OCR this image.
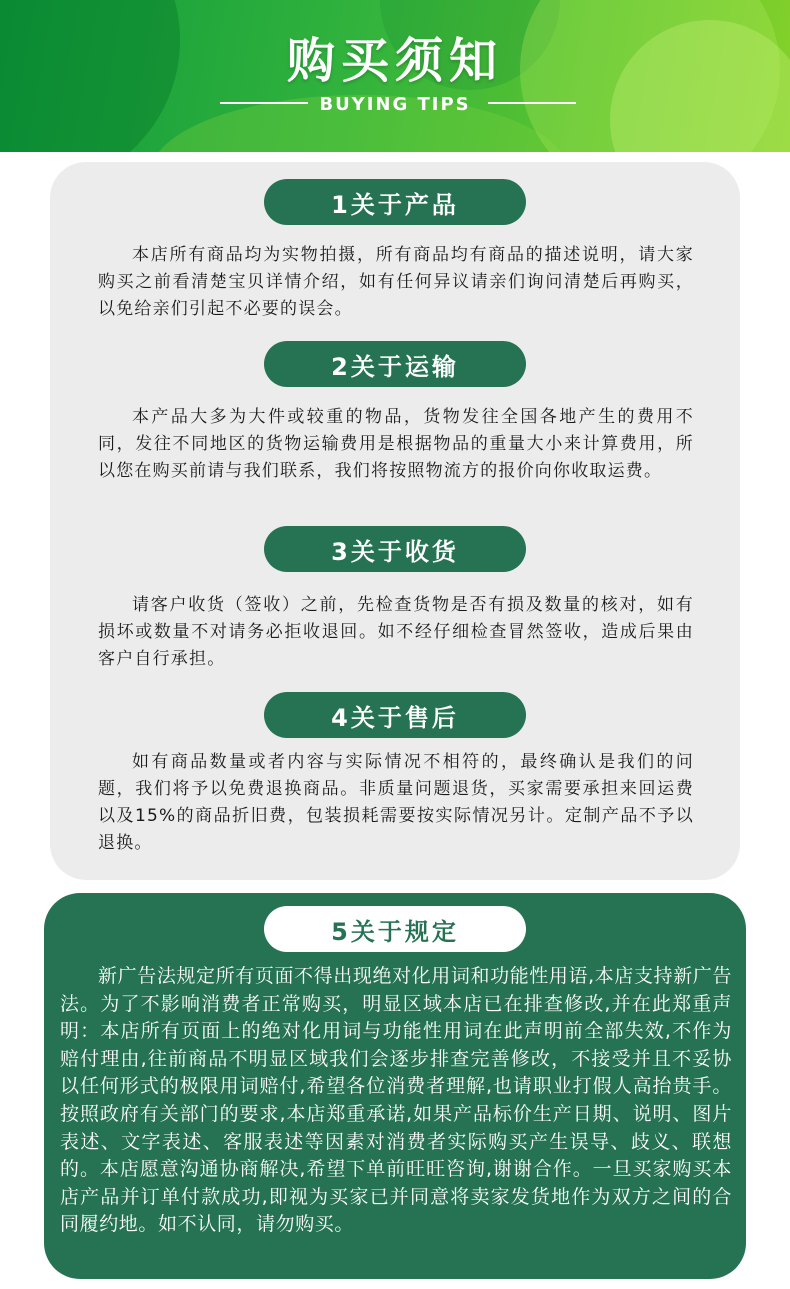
购买须知
BUYING TIPS
1关于产品

本店所有商品均为实物拍摄，所有商品均有商品的描述说明，请大家购买之前看清楚宝贝详情介绍，如有任何异议请亲们询问清楚后再购买，以免给亲们引起不必要的误会。

2关于运输

本产品大多为大件或较重的物品，货物发往全国各地产生的费用不同，发往不同地区的货物运输费用是根据物品的重量大小来计算费用，所以您在购买前请与我们联系，我们将按照物流方的报价向你收取运费。

3关于收货

请客户收货（签收）之前，先检查货物是否有损及数量的核对，如有损坏或数量不对请务必拒收退回。如不经仔细检查冒然签收，造成后果由客户自行承担。

4关于售后

如有商品数量或者内容与实际情况不相符的，最终确认是我们的问题，我们将予以免费退换商品。非质量问题退货，买家需要承担来回运费以及15%的商品折旧费，包装损耗需要按实际情况另计。定制产品不予以退换。

5关于规定

新广告法规定所有页面不得出现绝对化用词和功能性用语,本店支持新广告法。为了不影响消费者正常购买，明显区域本店已在排查修改,并在此郑重声明：本店所有页面上的绝对化用词与功能性用词在此声明前全部失效,不作为赔付理由,往前商品不明显区域我们会逐步排查完善修改，不接受并且不妥协以任何形式的极限用词赔付,希望各位消费者理解,也请职业打假人高抬贵手。按照政府有关部门的要求,本店郑重承诺,如果产品标价生产日期、说明、图片表述、文字表述、客服表述等因素对消费者实际购买产生误导、歧义、联想的。本店愿意沟通协商解决,希望下单前旺旺咨询,谢谢合作。一旦买家购买本店产品并订单付款成功,即视为买家已并同意将卖家发货地作为双方之间的合同履约地。如不认同，请勿购买。
